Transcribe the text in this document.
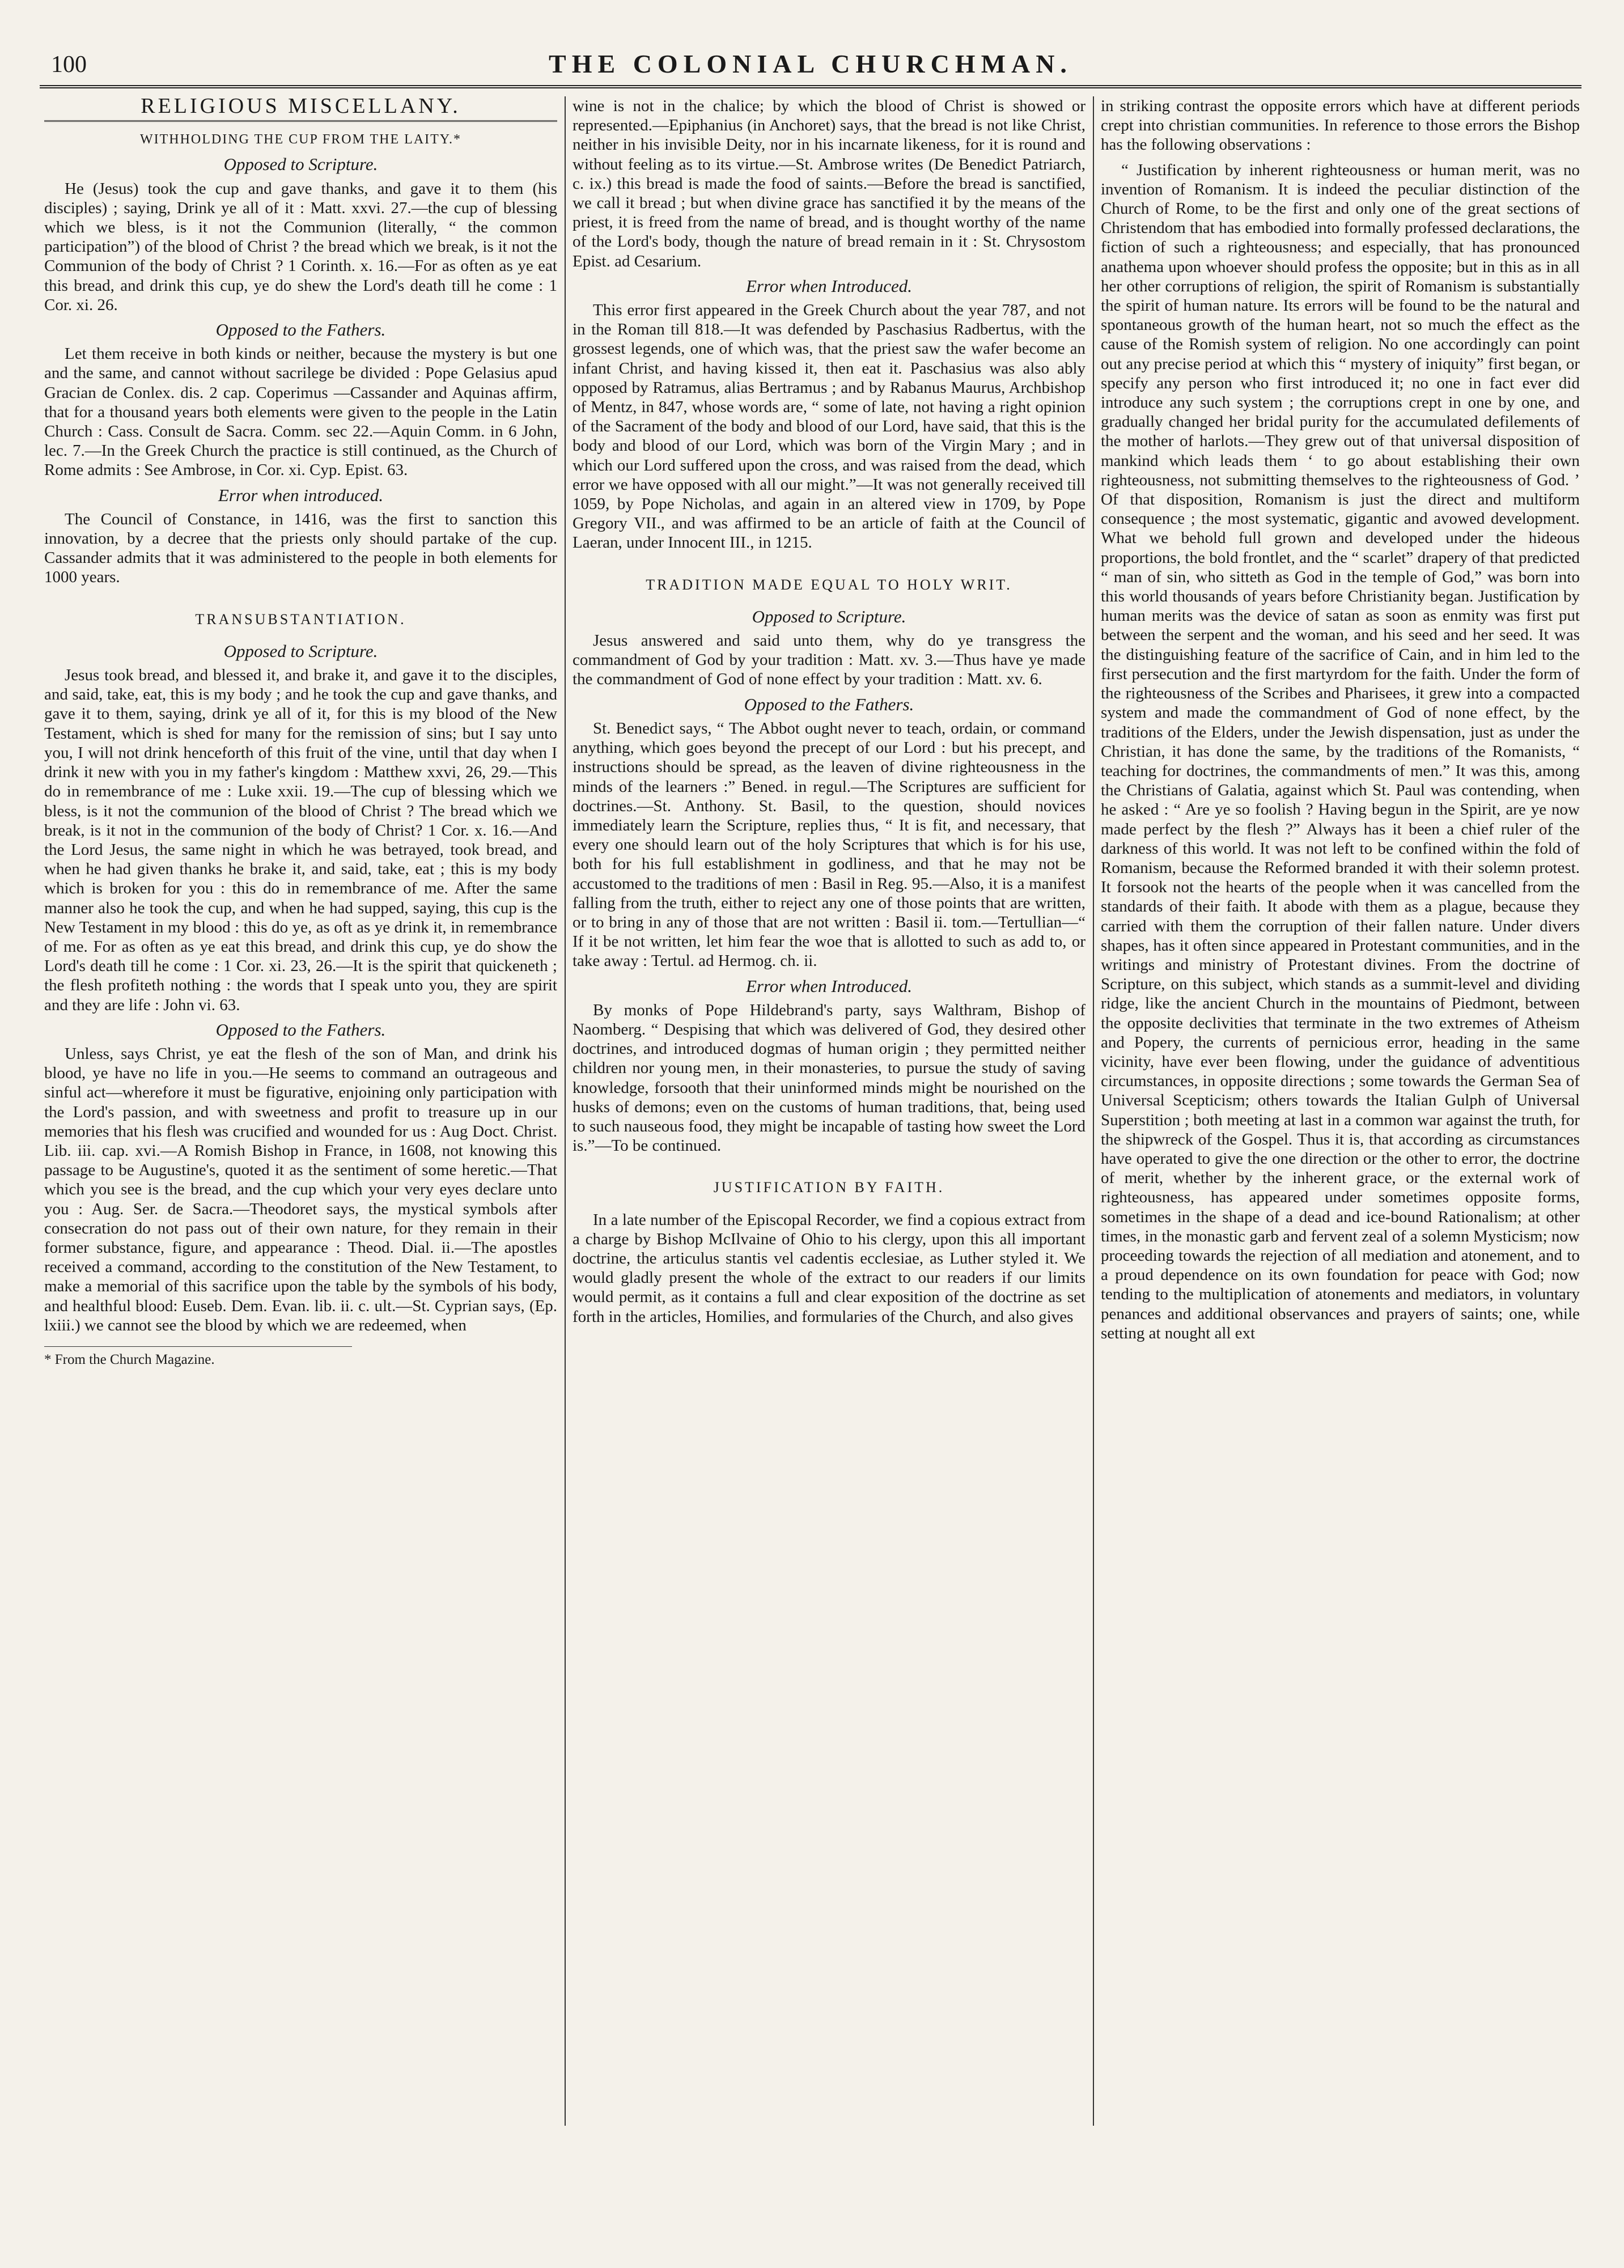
100	THE COLONIAL CHURCHMAN.
RELIGIOUS MISCELLANY.
WITHHOLDING THE CUP FROM THE LAITY.*
Opposed to Scripture.

He (Jesus) took the cup and gave thanks, and gave it to them (his disciples) ; saying, Drink ye all of it : Matt. xxvi. 27.—the cup of blessing which we bless, is it not the Communion (literally, “ the common participation”) of the blood of Christ ? the bread which we break, is it not the Communion of the body of Christ ? 1 Corinth. x. 16.—For as often as ye eat this bread, and drink this cup, ye do shew the Lord's death till he come : 1 Cor. xi. 26.

Opposed to the Fathers.

Let them receive in both kinds or neither, because the mystery is but one and the same, and cannot without sacrilege be divided : Pope Gelasius apud Gracian de Conlex. dis. 2 cap. Coperimus —Cassander and Aquinas affirm, that for a thousand years both elements were given to the people in the Latin Church : Cass. Consult de Sacra. Comm. sec 22.—Aquin Comm. in 6 John, lec. 7.—In the Greek Church the practice is still continued, as the Church of Rome admits : See Ambrose, in Cor. xi. Cyp. Epist. 63.

Error when introduced.

The Council of Constance, in 1416, was the first to sanction this innovation, by a decree that the priests only should partake of the cup. Cassander admits that it was administered to the people in both elements for 1000 years.

TRANSUBSTANTIATION.
Opposed to Scripture.

Jesus took bread, and blessed it, and brake it, and gave it to the disciples, and said, take, eat, this is my body ; and he took the cup and gave thanks, and gave it to them, saying, drink ye all of it, for this is my blood of the New Testament, which is shed for many for the remission of sins; but I say unto you, I will not drink henceforth of this fruit of the vine, until that day when I drink it new with you in my father's kingdom : Matthew xxvi, 26, 29.—This do in remembrance of me : Luke xxii. 19.—The cup of blessing which we bless, is it not the communion of the blood of Christ ? The bread which we break, is it not in the communion of the body of Christ? 1 Cor. x. 16.—And the Lord Jesus, the same night in which he was betrayed, took bread, and when he had given thanks he brake it, and said, take, eat ; this is my body which is broken for you : this do in remembrance of me. After the same manner also he took the cup, and when he had supped, saying, this cup is the New Testament in my blood : this do ye, as oft as ye drink it, in remembrance of me. For as often as ye eat this bread, and drink this cup, ye do show the Lord's death till he come : 1 Cor. xi. 23, 26.—It is the spirit that quickeneth ; the flesh profiteth nothing : the words that I speak unto you, they are spirit and they are life : John vi. 63.

Opposed to the Fathers.

Unless, says Christ, ye eat the flesh of the son of Man, and drink his blood, ye have no life in you.—He seems to command an outrageous and sinful act—wherefore it must be figurative, enjoining only participation with the Lord's passion, and with sweetness and profit to treasure up in our memories that his flesh was crucified and wounded for us : Aug Doct. Christ. Lib. iii. cap. xvi.—A Romish Bishop in France, in 1608, not knowing this passage to be Augustine's, quoted it as the sentiment of some heretic.—That which you see is the bread, and the cup which your very eyes declare unto you : Aug. Ser. de Sacra.—Theodoret says, the mystical symbols after consecration do not pass out of their own nature, for they remain in their former substance, figure, and appearance : Theod. Dial. ii.—The apostles received a command, according to the constitution of the New Testament, to make a memorial of this sacrifice upon the table by the symbols of his body, and healthful blood: Euseb. Dem. Evan. lib. ii. c. ult.—St. Cyprian says, (Ep. lxiii.) we cannot see the blood by which we are redeemed, when

* From the Church Magazine.

wine is not in the chalice; by which the blood of Christ is showed or represented.—Epiphanius (in Anchoret) says, that the bread is not like Christ, neither in his invisible Deity, nor in his incarnate likeness, for it is round and without feeling as to its virtue.—St. Ambrose writes (De Benedict Patriarch, c. ix.) this bread is made the food of saints.—Before the bread is sanctified, we call it bread ; but when divine grace has sanctified it by the means of the priest, it is freed from the name of bread, and is thought worthy of the name of the Lord's body, though the nature of bread remain in it : St. Chrysostom Epist. ad Cesarium.

Error when Introduced.

This error first appeared in the Greek Church about the year 787, and not in the Roman till 818.—It was defended by Paschasius Radbertus, with the grossest legends, one of which was, that the priest saw the wafer become an infant Christ, and having kissed it, then eat it. Paschasius was also ably opposed by Ratramus, alias Bertramus ; and by Rabanus Maurus, Archbishop of Mentz, in 847, whose words are, “ some of late, not having a right opinion of the Sacrament of the body and blood of our Lord, have said, that this is the body and blood of our Lord, which was born of the Virgin Mary ; and in which our Lord suffered upon the cross, and was raised from the dead, which error we have opposed with all our might.”—It was not generally received till 1059, by Pope Nicholas, and again in an altered view in 1709, by Pope Gregory VII., and was affirmed to be an article of faith at the Council of Laeran, under Innocent III., in 1215.

TRADITION MADE EQUAL TO HOLY WRIT.
Opposed to Scripture.

Jesus answered and said unto them, why do ye transgress the commandment of God by your tradition : Matt. xv. 3.—Thus have ye made the commandment of God of none effect by your tradition : Matt. xv. 6.

Opposed to the Fathers.

St. Benedict says, “ The Abbot ought never to teach, ordain, or command anything, which goes beyond the precept of our Lord : but his precept, and instructions should be spread, as the leaven of divine righteousness in the minds of the learners :” Bened. in regul.—The Scriptures are sufficient for doctrines.—St. Anthony. St. Basil, to the question, should novices immediately learn the Scripture, replies thus, “ It is fit, and necessary, that every one should learn out of the holy Scriptures that which is for his use, both for his full establishment in godliness, and that he may not be accustomed to the traditions of men : Basil in Reg. 95.—Also, it is a manifest falling from the truth, either to reject any one of those points that are written, or to bring in any of those that are not written : Basil ii. tom.—Tertullian—“ If it be not written, let him fear the woe that is allotted to such as add to, or take away : Tertul. ad Hermog. ch. ii.

Error when Introduced.

By monks of Pope Hildebrand's party, says Walthram, Bishop of Naomberg. “ Despising that which was delivered of God, they desired other doctrines, and introduced dogmas of human origin ; they permitted neither children nor young men, in their monasteries, to pursue the study of saving knowledge, forsooth that their uninformed minds might be nourished on the husks of demons; even on the customs of human traditions, that, being used to such nauseous food, they might be incapable of tasting how sweet the Lord is.”—To be continued.

JUSTIFICATION BY FAITH.

In a late number of the Episcopal Recorder, we find a copious extract from a charge by Bishop McIlvaine of Ohio to his clergy, upon this all important doctrine, the articulus stantis vel cadentis ecclesiae, as Luther styled it. We would gladly present the whole of the extract to our readers if our limits would permit, as it contains a full and clear exposition of the doctrine as set forth in the articles, Homilies, and formularies of the Church, and also gives

in striking contrast the opposite errors which have at different periods crept into christian communities. In reference to those errors the Bishop has the following observations :

“ Justification by inherent righteousness or human merit, was no invention of Romanism. It is indeed the peculiar distinction of the Church of Rome, to be the first and only one of the great sections of Christendom that has embodied into formally professed declarations, the fiction of such a righteousness; and especially, that has pronounced anathema upon whoever should profess the opposite; but in this as in all her other corruptions of religion, the spirit of Romanism is substantially the spirit of human nature. Its errors will be found to be the natural and spontaneous growth of the human heart, not so much the effect as the cause of the Romish system of religion. No one accordingly can point out any precise period at which this “ mystery of iniquity” first began, or specify any person who first introduced it; no one in fact ever did introduce any such system ; the corruptions crept in one by one, and gradually changed her bridal purity for the accumulated defilements of the mother of harlots.—They grew out of that universal disposition of mankind which leads them ‘ to go about establishing their own righteousness, not submitting themselves to the righteousness of God. ’ Of that disposition, Romanism is just the direct and multiform consequence ; the most systematic, gigantic and avowed development. What we behold full grown and developed under the hideous proportions, the bold frontlet, and the “ scarlet” drapery of that predicted “ man of sin, who sitteth as God in the temple of God,” was born into this world thousands of years before Christianity began. Justification by human merits was the device of satan as soon as enmity was first put between the serpent and the woman, and his seed and her seed. It was the distinguishing feature of the sacrifice of Cain, and in him led to the first persecution and the first martyrdom for the faith. Under the form of the righteousness of the Scribes and Pharisees, it grew into a compacted system and made the commandment of God of none effect, by the traditions of the Elders, under the Jewish dispensation, just as under the Christian, it has done the same, by the traditions of the Romanists, “ teaching for doctrines, the commandments of men.” It was this, among the Christians of Galatia, against which St. Paul was contending, when he asked : “ Are ye so foolish ? Having begun in the Spirit, are ye now made perfect by the flesh ?” Always has it been a chief ruler of the darkness of this world. It was not left to be confined within the fold of Romanism, because the Reformed branded it with their solemn protest. It forsook not the hearts of the people when it was cancelled from the standards of their faith. It abode with them as a plague, because they carried with them the corruption of their fallen nature. Under divers shapes, has it often since appeared in Protestant communities, and in the writings and ministry of Protestant divines. From the doctrine of Scripture, on this subject, which stands as a summit-level and dividing ridge, like the ancient Church in the mountains of Piedmont, between the opposite declivities that terminate in the two extremes of Atheism and Popery, the currents of pernicious error, heading in the same vicinity, have ever been flowing, under the guidance of adventitious circumstances, in opposite directions ; some towards the German Sea of Universal Scepticism; others towards the Italian Gulph of Universal Superstition ; both meeting at last in a common war against the truth, for the shipwreck of the Gospel. Thus it is, that according as circumstances have operated to give the one direction or the other to error, the doctrine of merit, whether by the inherent grace, or the external work of righteousness, has appeared under sometimes opposite forms, sometimes in the shape of a dead and ice-bound Rationalism; at other times, in the monastic garb and fervent zeal of a solemn Mysticism; now proceeding towards the rejection of all mediation and atonement, and to a proud dependence on its own foundation for peace with God; now tending to the multiplication of atonements and mediators, in voluntary penances and additional observances and prayers of saints; one, while setting at nought all ext
